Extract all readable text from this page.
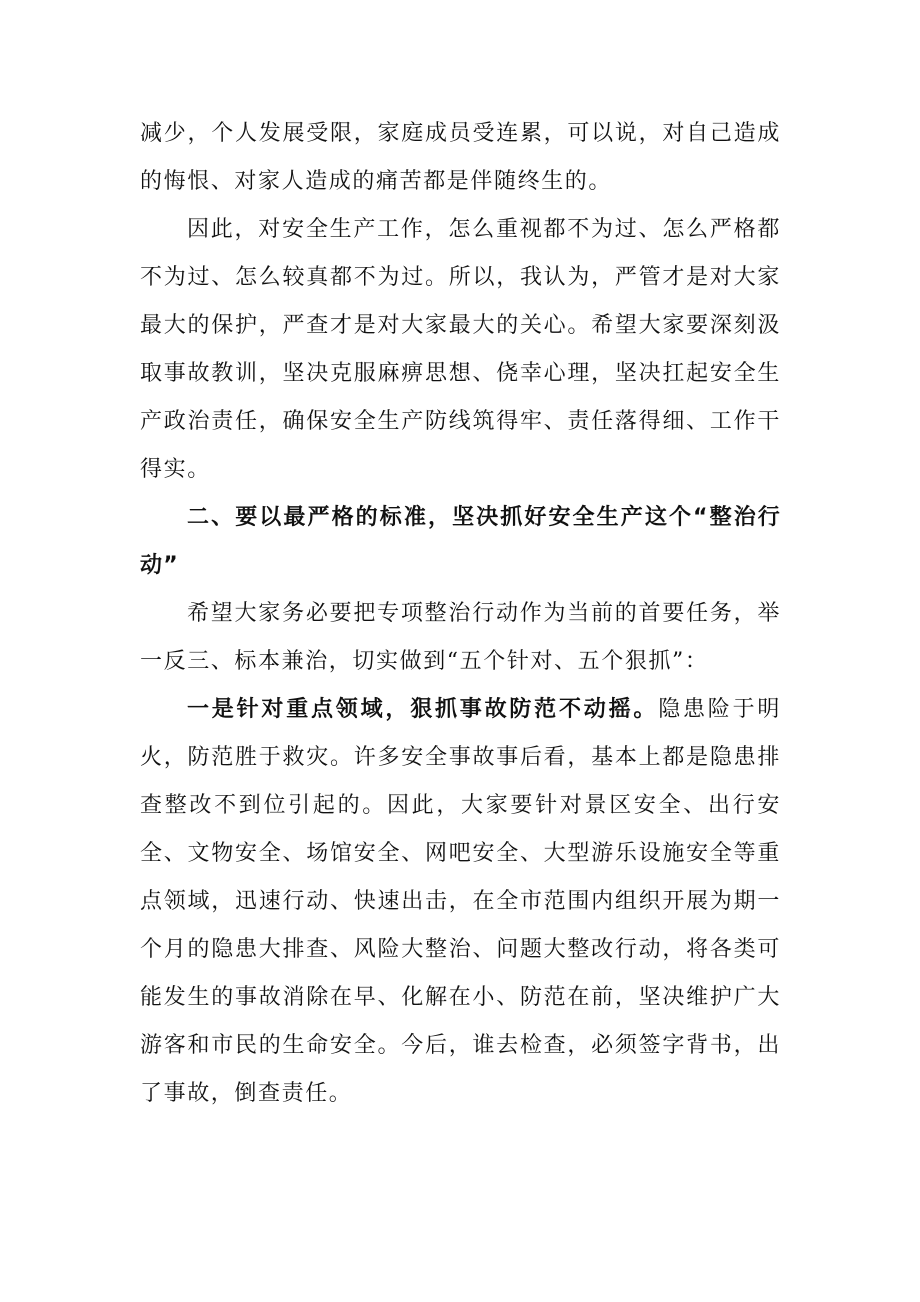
减少，个人发展受限，家庭成员受连累，可以说，对自己造成的悔恨、对家人造成的痛苦都是伴随终生的。

因此，对安全生产工作，怎么重视都不为过、怎么严格都不为过、怎么较真都不为过。所以，我认为，严管才是对大家最大的保护，严查才是对大家最大的关心。希望大家要深刻汲取事故教训，坚决克服麻痹思想、侥幸心理，坚决扛起安全生产政治责任，确保安全生产防线筑得牢、责任落得细、工作干得实。

二、要以最严格的标准，坚决抓好安全生产这个“整治行动”

希望大家务必要把专项整治行动作为当前的首要任务，举一反三、标本兼治，切实做到“五个针对、五个狠抓”：

一是针对重点领域，狠抓事故防范不动摇。隐患险于明火，防范胜于救灾。许多安全事故事后看，基本上都是隐患排查整改不到位引起的。因此，大家要针对景区安全、出行安全、文物安全、场馆安全、网吧安全、大型游乐设施安全等重点领域，迅速行动、快速出击，在全市范围内组织开展为期一个月的隐患大排查、风险大整治、问题大整改行动，将各类可能发生的事故消除在早、化解在小、防范在前，坚决维护广大游客和市民的生命安全。今后，谁去检查，必须签字背书，出了事故，倒查责任。
